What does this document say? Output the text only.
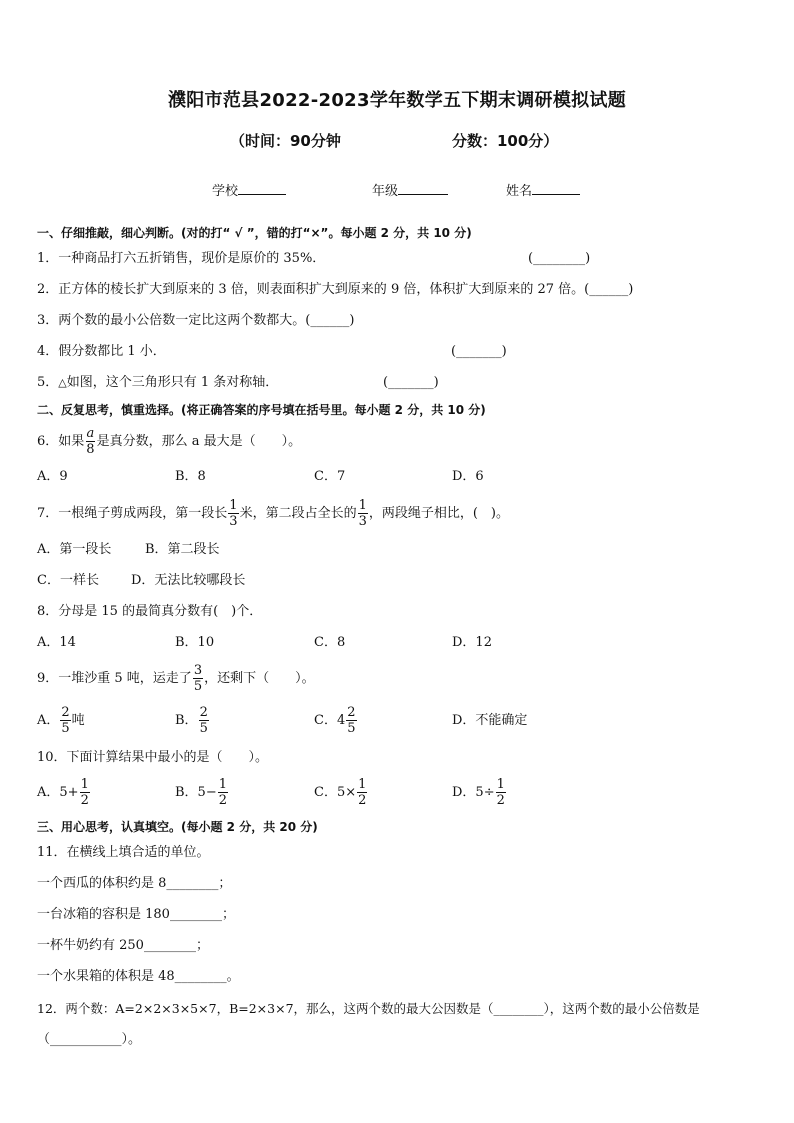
濮阳市范县2022-2023学年数学五下期末调研模拟试题
（时间：90分钟	分数：100分）
学校	年级	姓名
一、仔细推敲，细心判断。(对的打“ √ ”，错的打“×”。每小题 2 分，共 10 分)
1．一种商品打六五折销售，现价是原价的 35%．	(________)
2．正方体的棱长扩大到原来的 3 倍，则表面积扩大到原来的 9 倍，体积扩大到原来的 27 倍。(______)
3．两个数的最小公倍数一定比这两个数都大。(______)
4．假分数都比 1 小．	(_______)
5．△如图，这个三角形只有 1 条对称轴．	(_______)
二、反复思考，慎重选择。(将正确答案的序号填在括号里。每小题 2 分，共 10 分)
6．如果 $\frac{a}{8}$ 是真分数，那么 a 最大是（　　）。
A．9	B．8	C．7	D．6
7．一根绳子剪成两段，第一段长 $\frac{1}{3}$ 米，第二段占全长的 $\frac{1}{3}$ ，两段绳子相比，(　)。
A．第一段长	B．第二段长
C．一样长 D．无法比较哪段长
8．分母是 15 的最简真分数有(　)个．
A．14	B．10	C．8	D．12
9．一堆沙重 5 吨，运走了 $\frac{3}{5}$ ，还剩下（　　）。
A． $\frac{2}{5}$ 吨	B． $\frac{2}{5}$	C．$4 \frac{2}{5}$	D．不能确定
10．下面计算结果中最小的是（　　）。
A．$5+ \frac{1}{2}$	B．$5- \frac{1}{2}$	C．$5\times \frac{1}{2}$	D．$5\div \frac{1}{2}$
三、用心思考，认真填空。(每小题 2 分，共 20 分)
11．在横线上填合适的单位。
一个西瓜的体积约是 8________；
一台冰箱的容积是 180________；
一杯牛奶约有 250________；
一个水果箱的体积是 48________。
12．两个数：A=2×2×3×5×7，B=2×3×7，那么，这两个数的最大公因数是（________），这两个数的最小公倍数是
（___________）。
